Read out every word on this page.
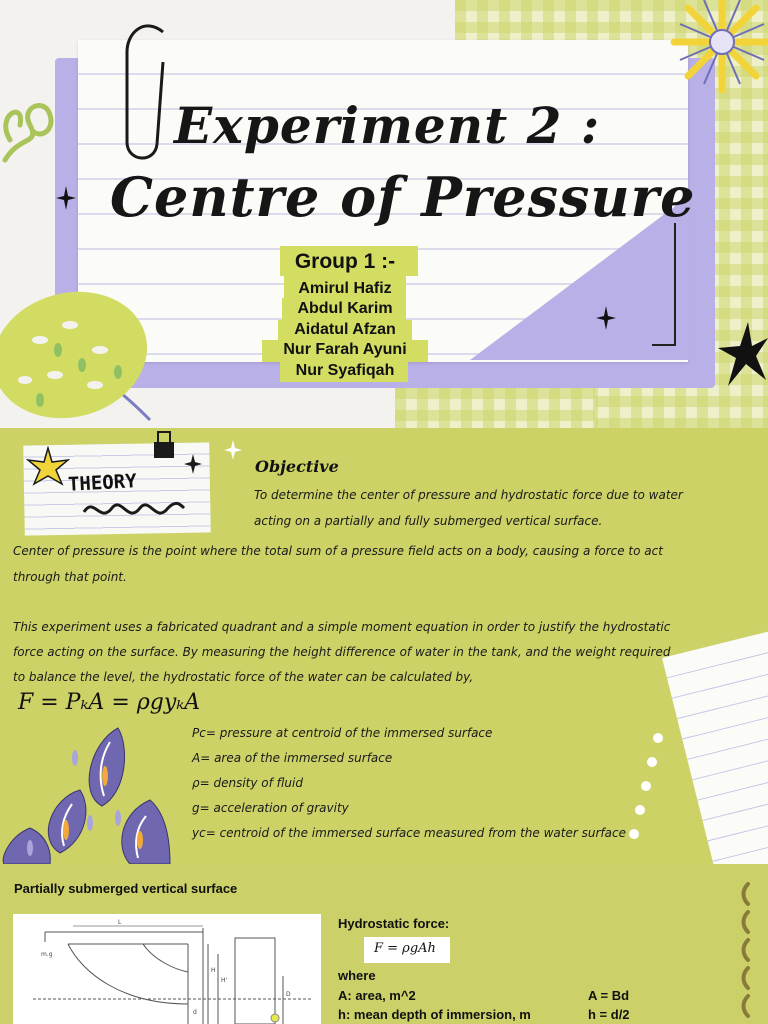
Experiment 2 :
Centre of Pressure
Group 1 :-
Amirul Hafiz
Abdul Karim
Aidatul Afzan
Nur Farah Ayuni
Nur Syafiqah
THEORY
Objective
To determine the center of pressure and hydrostatic force due to water
acting on a partially and fully submerged vertical surface.
Center of pressure is the point where the total sum of a pressure field acts on a body, causing a force to act
through that point.
This experiment uses a fabricated quadrant and a simple moment equation in order to justify the hydrostatic
force acting on the surface. By measuring the height difference of water in the tank, and the weight required
to balance the level, the hydrostatic force of the water can be calculated by,
F = PₖA = ρgyₖA
Pc= pressure at centroid of the immersed surface
A= area of the immersed surface
ρ= density of fluid
g= acceleration of gravity
yc= centroid of the immersed surface measured from the water surface
Partially submerged vertical surface
L m.g H H' D d
Hydrostatic force:
F = ρgAh
where
A: area, m^2	A = Bd
h: mean depth of immersion, m	h = d/2
